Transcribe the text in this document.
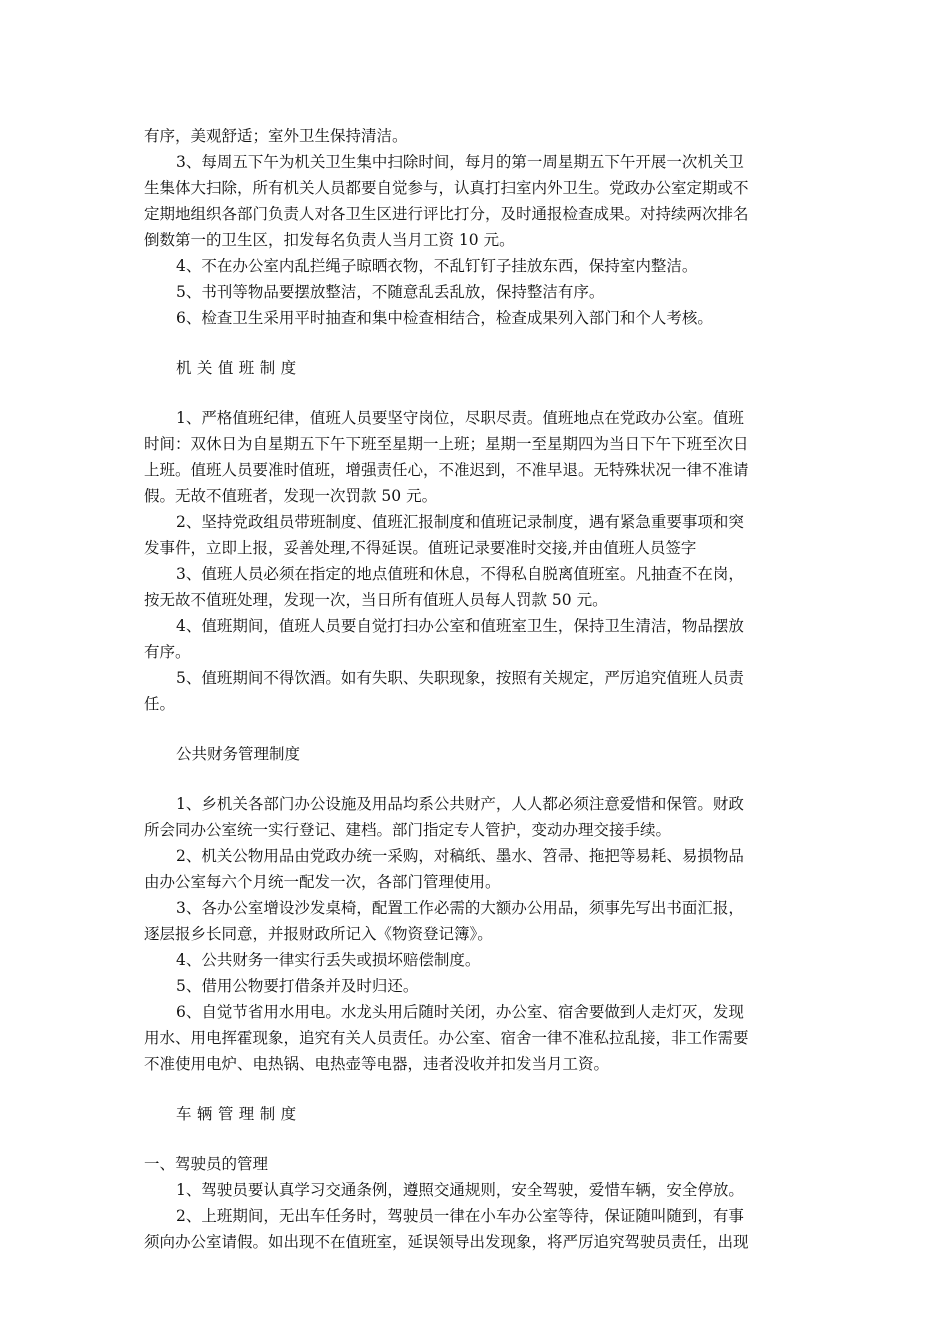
有序，美观舒适；室外卫生保持清洁。
3、每周五下午为机关卫生集中扫除时间，每月的第一周星期五下午开展一次机关卫
生集体大扫除，所有机关人员都要自觉参与，认真打扫室内外卫生。党政办公室定期或不
定期地组织各部门负责人对各卫生区进行评比打分，及时通报检查成果。对持续两次排名
倒数第一的卫生区，扣发每名负责人当月工资 10 元。
4、不在办公室内乱拦绳子晾晒衣物，不乱钉钉子挂放东西，保持室内整洁。
5、书刊等物品要摆放整洁，不随意乱丢乱放，保持整洁有序。
6、检查卫生采用平时抽查和集中检查相结合，检查成果列入部门和个人考核。
机关值班制度
1、严格值班纪律，值班人员要坚守岗位，尽职尽责。值班地点在党政办公室。值班
时间：双休日为自星期五下午下班至星期一上班；星期一至星期四为当日下午下班至次日
上班。值班人员要准时值班，增强责任心，不准迟到，不准早退。无特殊状况一律不准请
假。无故不值班者，发现一次罚款 50 元。
2、坚持党政组员带班制度、值班汇报制度和值班记录制度，遇有紧急重要事项和突
发事件，立即上报，妥善处理,不得延误。值班记录要准时交接,并由值班人员签字
3、值班人员必须在指定的地点值班和休息，不得私自脱离值班室。凡抽查不在岗，
按无故不值班处理，发现一次，当日所有值班人员每人罚款 50 元。
4、值班期间，值班人员要自觉打扫办公室和值班室卫生，保持卫生清洁，物品摆放
有序。
5、值班期间不得饮酒。如有失职、失职现象，按照有关规定，严厉追究值班人员责
任。
公共财务管理制度
1、乡机关各部门办公设施及用品均系公共财产，人人都必须注意爱惜和保管。财政
所会同办公室统一实行登记、建档。部门指定专人管护，变动办理交接手续。
2、机关公物用品由党政办统一采购，对稿纸、墨水、笤帚、拖把等易耗、易损物品
由办公室每六个月统一配发一次，各部门管理使用。
3、各办公室增设沙发桌椅，配置工作必需的大额办公用品，须事先写出书面汇报，
逐层报乡长同意，并报财政所记入《物资登记簿》。
4、公共财务一律实行丢失或损坏赔偿制度。
5、借用公物要打借条并及时归还。
6、自觉节省用水用电。水龙头用后随时关闭，办公室、宿舍要做到人走灯灭，发现
用水、用电挥霍现象，追究有关人员责任。办公室、宿舍一律不准私拉乱接，非工作需要
不准使用电炉、电热锅、电热壶等电器，违者没收并扣发当月工资。
车辆管理制度
一、驾驶员的管理
1、驾驶员要认真学习交通条例，遵照交通规则，安全驾驶，爱惜车辆，安全停放。
2、上班期间，无出车任务时，驾驶员一律在小车办公室等待，保证随叫随到，有事
须向办公室请假。如出现不在值班室，延误领导出发现象，将严厉追究驾驶员责任，出现
